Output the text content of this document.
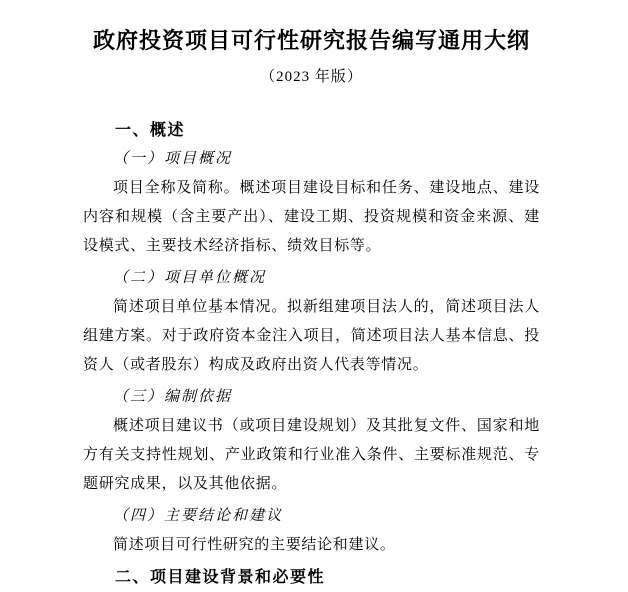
政府投资项目可行性研究报告编写通用大纲
（2023 年版）
一、概述
（一）项目概况

项目全称及简称。概述项目建设目标和任务、建设地点、建设内容和规模（含主要产出）、建设工期、投资规模和资金来源、建设模式、主要技术经济指标、绩效目标等。

（二）项目单位概况

简述项目单位基本情况。拟新组建项目法人的，简述项目法人组建方案。对于政府资本金注入项目，简述项目法人基本信息、投资人（或者股东）构成及政府出资人代表等情况。

（三）编制依据

概述项目建议书（或项目建设规划）及其批复文件、国家和地方有关支持性规划、产业政策和行业准入条件、主要标准规范、专题研究成果，以及其他依据。

（四）主要结论和建议

简述项目可行性研究的主要结论和建议。

二、项目建设背景和必要性
